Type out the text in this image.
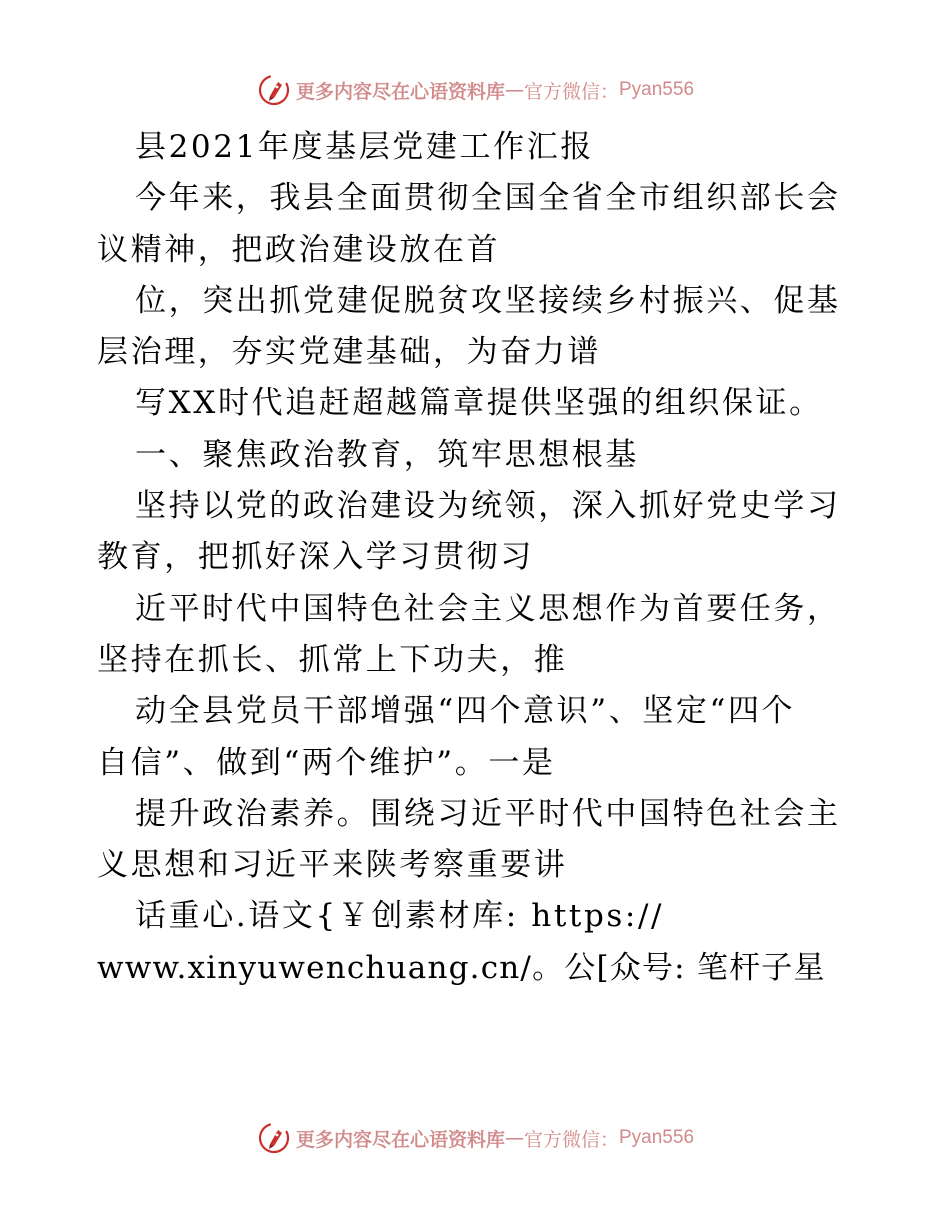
更多内容尽在心语资料库 — 官方微信： Pyan556
县2021年度基层党建工作汇报
今年来，我县全面贯彻全国全省全市组织部长会
议精神，把政治建设放在首
位，突出抓党建促脱贫攻坚接续乡村振兴、促基
层治理，夯实党建基础，为奋力谱
写XX时代追赶超越篇章提供坚强的组织保证。
一、聚焦政治教育，筑牢思想根基
坚持以党的政治建设为统领，深入抓好党史学习
教育，把抓好深入学习贯彻习
近平时代中国特色社会主义思想作为首要任务，
坚持在抓长、抓常上下功夫，推
动全县党员干部增强“四个意识”、坚定“四个
自信”、做到“两个维护”。一是
提升政治素养。围绕习近平时代中国特色社会主
义思想和习近平来陕考察重要讲
话重心.语文{￥创素材库: https://
www.xinyuwenchuang.cn/。公[众号: 笔杆子星
更多内容尽在心语资料库 — 官方微信： Pyan556
